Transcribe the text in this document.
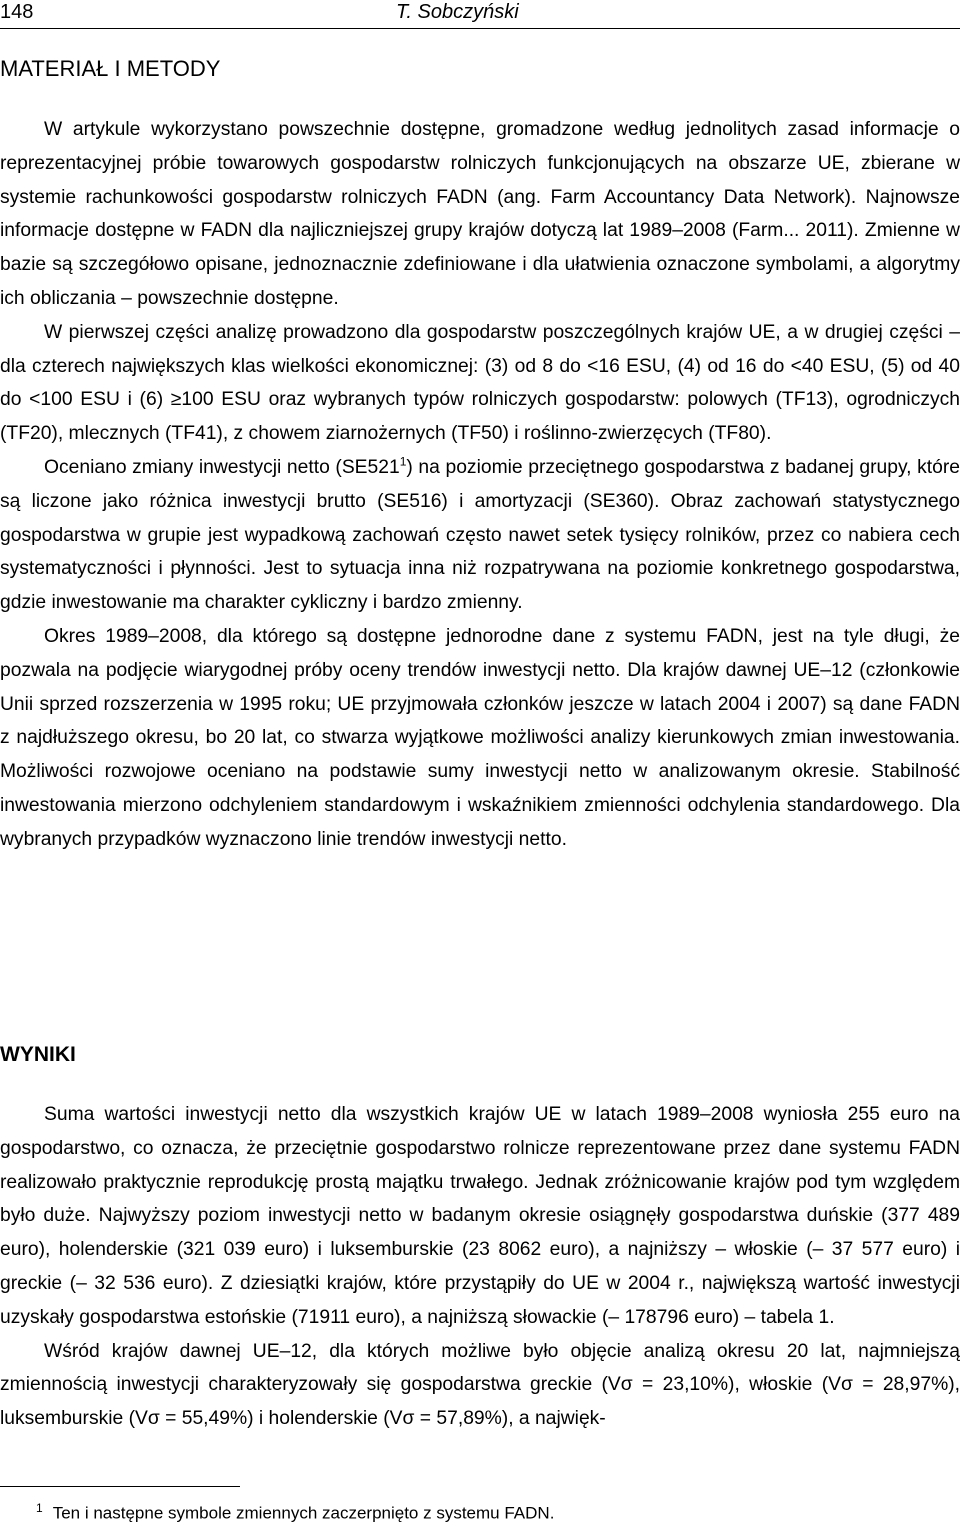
148	T. Sobczyński
MATERIAŁ I METODY

W artykule wykorzystano powszechnie dostępne, gromadzone według jednolitych zasad informacje o reprezentacyjnej próbie towarowych gospodarstw rolniczych funkcjonujących na obszarze UE, zbierane w systemie rachunkowości gospodarstw rolniczych FADN (ang. Farm Accountancy Data Network). Najnowsze informacje dostępne w FADN dla najliczniejszej grupy krajów dotyczą lat 1989–2008 (Farm... 2011). Zmienne w bazie są szczegółowo opisane, jednoznacznie zdefiniowane i dla ułatwienia oznaczone symbolami, a algorytmy ich obliczania – powszechnie dostępne.

W pierwszej części analizę prowadzono dla gospodarstw poszczególnych krajów UE, a w drugiej części – dla czterech największych klas wielkości ekonomicznej: (3) od 8 do <16 ESU, (4) od 16 do <40 ESU, (5) od 40 do <100 ESU i (6) ≥100 ESU oraz wybranych typów rolniczych gospodarstw: polowych (TF13), ogrodniczych (TF20), mlecznych (TF41), z chowem ziarnożernych (TF50) i roślinno-zwierzęcych (TF80).

Oceniano zmiany inwestycji netto $(SE521^1)$ na poziomie przeciętnego gospodarstwa z badanej grupy, które są liczone jako różnica inwestycji brutto (SE516) i amortyzacji (SE360). Obraz zachowań statystycznego gospodarstwa w grupie jest wypadkową zachowań często nawet setek tysięcy rolników, przez co nabiera cech systematyczności i płynności. Jest to sytuacja inna niż rozpatrywana na poziomie konkretnego gospodarstwa, gdzie inwestowanie ma charakter cykliczny i bardzo zmienny.

Okres 1989–2008, dla którego są dostępne jednorodne dane z systemu FADN, jest na tyle długi, że pozwala na podjęcie wiarygodnej próby oceny trendów inwestycji netto. Dla krajów dawnej UE–12 (członkowie Unii sprzed rozszerzenia w 1995 roku; UE przyjmowała członków jeszcze w latach 2004 i 2007) są dane FADN z najdłuższego okresu, bo 20 lat, co stwarza wyjątkowe możliwości analizy kierunkowych zmian inwestowania. Możliwości rozwojowe oceniano na podstawie sumy inwestycji netto w analizowanym okresie. Stabilność inwestowania mierzono odchyleniem standardowym i wskaźnikiem zmienności odchylenia standardowego. Dla wybranych przypadków wyznaczono linie trendów inwestycji netto.

WYNIKI

Suma wartości inwestycji netto dla wszystkich krajów UE w latach 1989–2008 wyniosła 255 euro na gospodarstwo, co oznacza, że przeciętnie gospodarstwo rolnicze reprezentowane przez dane systemu FADN realizowało praktycznie reprodukcję prostą majątku trwałego. Jednak zróżnicowanie krajów pod tym względem było duże. Najwyższy poziom inwestycji netto w badanym okresie osiągnęły gospodarstwa duńskie (377 489 euro), holenderskie (321 039 euro) i luksemburskie (23 8062 euro), a najniższy – włoskie (– 37 577 euro) i greckie (– 32 536 euro). Z dziesiątki krajów, które przystąpiły do UE w 2004 r., największą wartość inwestycji uzyskały gospodarstwa estońskie (71911 euro), a najniższą słowackie (– 178796 euro) – tabela 1.

Wśród krajów dawnej UE–12, dla których możliwe było objęcie analizą okresu 20 lat, najmniejszą zmiennością inwestycji charakteryzowały się gospodarstwa greckie (Vσ = 23,10%), włoskie (Vσ = 28,97%), luksemburskie (Vσ = 55,49%) i holenderskie (Vσ = 57,89%), a najwięk-

$^1$ Ten i następne symbole zmiennych zaczerpnięto z systemu FADN.
